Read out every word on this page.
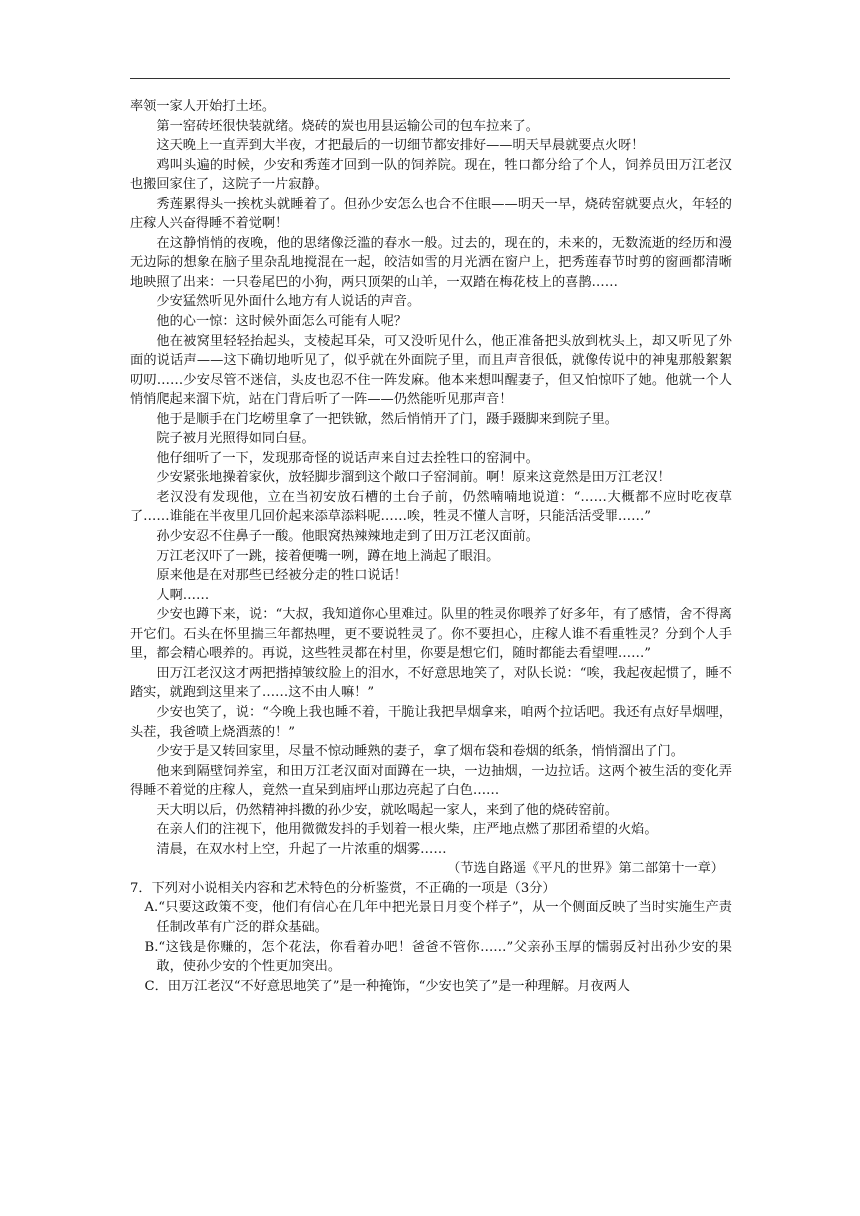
率领一家人开始打土坯。

第一窑砖坯很快装就绪。烧砖的炭也用县运输公司的包车拉来了。

这天晚上一直弄到大半夜，才把最后的一切细节都安排好——明天早晨就要点火呀！

鸡叫头遍的时候，少安和秀莲才回到一队的饲养院。现在，牲口都分给了个人，饲养员田万江老汉也搬回家住了，这院子一片寂静。

秀莲累得头一挨枕头就睡着了。但孙少安怎么也合不住眼——明天一早，烧砖窑就要点火，年轻的庄稼人兴奋得睡不着觉啊！

在这静悄悄的夜晚，他的思绪像泛滥的春水一般。过去的，现在的，未来的，无数流逝的经历和漫无边际的想象在脑子里杂乱地搅混在一起，皎洁如雪的月光洒在窗户上，把秀莲春节时剪的窗画都清晰地映照了出来：一只卷尾巴的小狗，两只顶架的山羊，一双踏在梅花枝上的喜鹊……

少安猛然听见外面什么地方有人说话的声音。

他的心一惊：这时候外面怎么可能有人呢？

他在被窝里轻轻抬起头，支棱起耳朵，可又没听见什么，他正准备把头放到枕头上，却又听见了外面的说话声——这下确切地听见了，似乎就在外面院子里，而且声音很低，就像传说中的神鬼那般絮絮叨叨……少安尽管不迷信，头皮也忍不住一阵发麻。他本来想叫醒妻子，但又怕惊吓了她。他就一个人悄悄爬起来溜下炕，站在门背后听了一阵——仍然能听见那声音！

他于是顺手在门圪崂里拿了一把铁锨，然后悄悄开了门，蹑手蹑脚来到院子里。

院子被月光照得如同白昼。

他仔细听了一下，发现那奇怪的说话声来自过去拴牲口的窑洞中。

少安紧张地操着家伙，放轻脚步溜到这个敞口子窑洞前。啊！原来这竟然是田万江老汉！

老汉没有发现他，立在当初安放石槽的土台子前，仍然喃喃地说道：“……大概都不应时吃夜草了……谁能在半夜里几回价起来添草添料呢……唉，牲灵不懂人言呀，只能活活受罪……”

孙少安忍不住鼻子一酸。他眼窝热辣辣地走到了田万江老汉面前。

万江老汉吓了一跳，接着便嘴一咧，蹲在地上淌起了眼泪。

原来他是在对那些已经被分走的牲口说话！

人啊……

少安也蹲下来，说：“大叔，我知道你心里难过。队里的牲灵你喂养了好多年，有了感情，舍不得离开它们。石头在怀里揣三年都热哩，更不要说牲灵了。你不要担心，庄稼人谁不看重牲灵？分到个人手里，都会精心喂养的。再说，这些牲灵都在村里，你要是想它们，随时都能去看望哩……”

田万江老汉这才两把揩掉皱纹脸上的泪水，不好意思地笑了，对队长说：“唉，我起夜起惯了，睡不踏实，就跑到这里来了……这不由人嘛！”

少安也笑了，说：“今晚上我也睡不着，干脆让我把旱烟拿来，咱两个拉话吧。我还有点好旱烟哩，头茬，我爸喷上烧酒蒸的！”

少安于是又转回家里，尽量不惊动睡熟的妻子，拿了烟布袋和卷烟的纸条，悄悄溜出了门。

他来到隔壁饲养室，和田万江老汉面对面蹲在一块，一边抽烟，一边拉话。这两个被生活的变化弄得睡不着觉的庄稼人，竟然一直呆到庙坪山那边亮起了白色……

天大明以后，仍然精神抖擞的孙少安，就吆喝起一家人，来到了他的烧砖窑前。

在亲人们的注视下，他用微微发抖的手划着一根火柴，庄严地点燃了那团希望的火焰。

清晨，在双水村上空，升起了一片浓重的烟雾……

（节选自路遥《平凡的世界》第二部第十一章）

7．下列对小说相关内容和艺术特色的分析鉴赏，不正确的一项是（3分）

A.“只要这政策不变，他们有信心在几年中把光景日月变个样子”，从一个侧面反映了当时实施生产责任制改革有广泛的群众基础。

B.“这钱是你赚的，怎个花法，你看着办吧！爸爸不管你……”父亲孙玉厚的懦弱反衬出孙少安的果敢，使孙少安的个性更加突出。

C．田万江老汉“不好意思地笑了”是一种掩饰，“少安也笑了”是一种理解。月夜两人
